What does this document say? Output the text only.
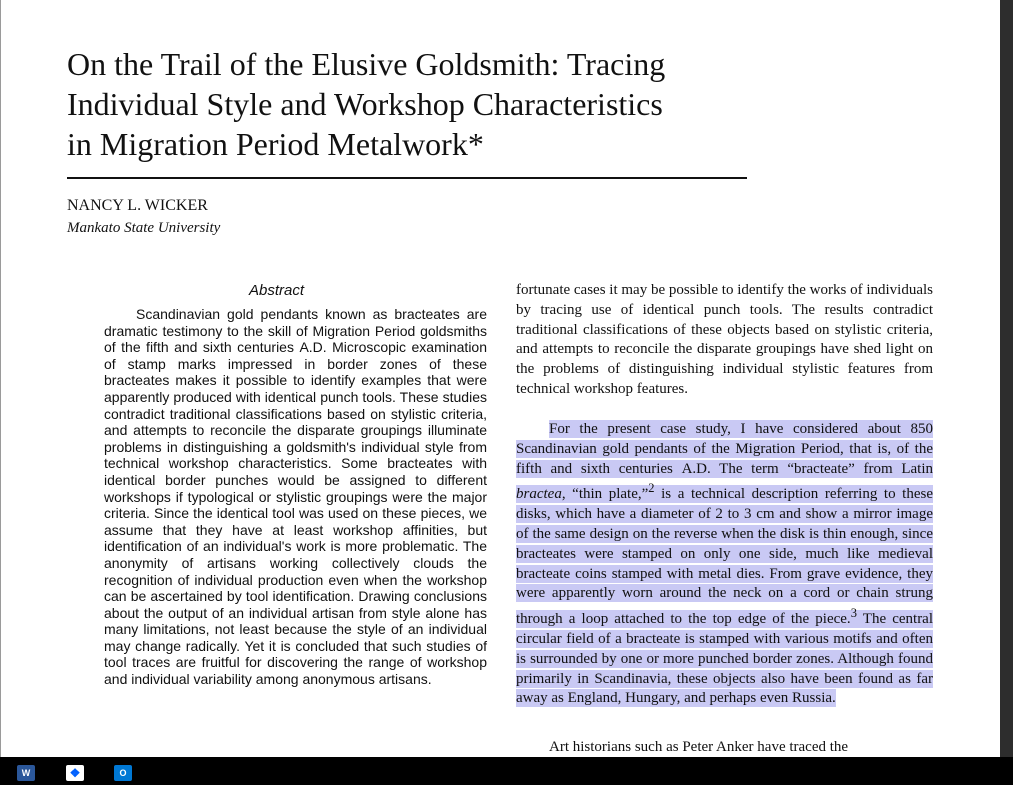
On the Trail of the Elusive Goldsmith: Tracing
Individual Style and Workshop Characteristics
in Migration Period Metalwork*
NANCY L. WICKER
Mankato State University
Abstract

Scandinavian gold pendants known as bracteates are dramatic testimony to the skill of Migration Period goldsmiths of the fifth and sixth centuries A.D. Microscopic examination of stamp marks impressed in border zones of these bracteates makes it possible to identify examples that were apparently produced with identical punch tools. These studies contradict traditional classifications based on stylistic criteria, and attempts to reconcile the disparate groupings illuminate problems in distinguishing a goldsmith's individual style from technical workshop characteristics. Some bracteates with identical border punches would be assigned to different workshops if typological or stylistic groupings were the major criteria. Since the identical tool was used on these pieces, we assume that they have at least workshop affinities, but identification of an individual's work is more problematic. The anonymity of artisans working collectively clouds the recognition of individual production even when the workshop can be ascertained by tool identification. Drawing conclusions about the output of an individual artisan from style alone has many limitations, not least because the style of an individual may change radically. Yet it is concluded that such studies of tool traces are fruitful for discovering the range of workshop and individual variability among anonymous artisans.

fortunate cases it may be possible to identify the works of individuals by tracing use of identical punch tools. The results contradict traditional classifications of these objects based on stylistic criteria, and attempts to reconcile the disparate groupings have shed light on the problems of distinguishing individual stylistic features from technical workshop features.

For the present case study, I have considered about 850 Scandinavian gold pendants of the Migration Period, that is, of the fifth and sixth centuries A.D. The term “bracteate” from Latin bractea, “thin plate,”$^2$ is a technical description referring to these disks, which have a diameter of 2 to 3 cm and show a mirror image of the same design on the reverse when the disk is thin enough, since bracteates were stamped on only one side, much like medieval bracteate coins stamped with metal dies. From grave evidence, they were apparently worn around the neck on a cord or chain strung through a loop attached to the top edge of the piece.$^3$ The central circular field of a bracteate is stamped with various motifs and often is surrounded by one or more punched border zones. Although found primarily in Scandinavia, these objects also have been found as far away as England, Hungary, and perhaps even Russia.

Art historians such as Peter Anker have traced the

W	❖	O
